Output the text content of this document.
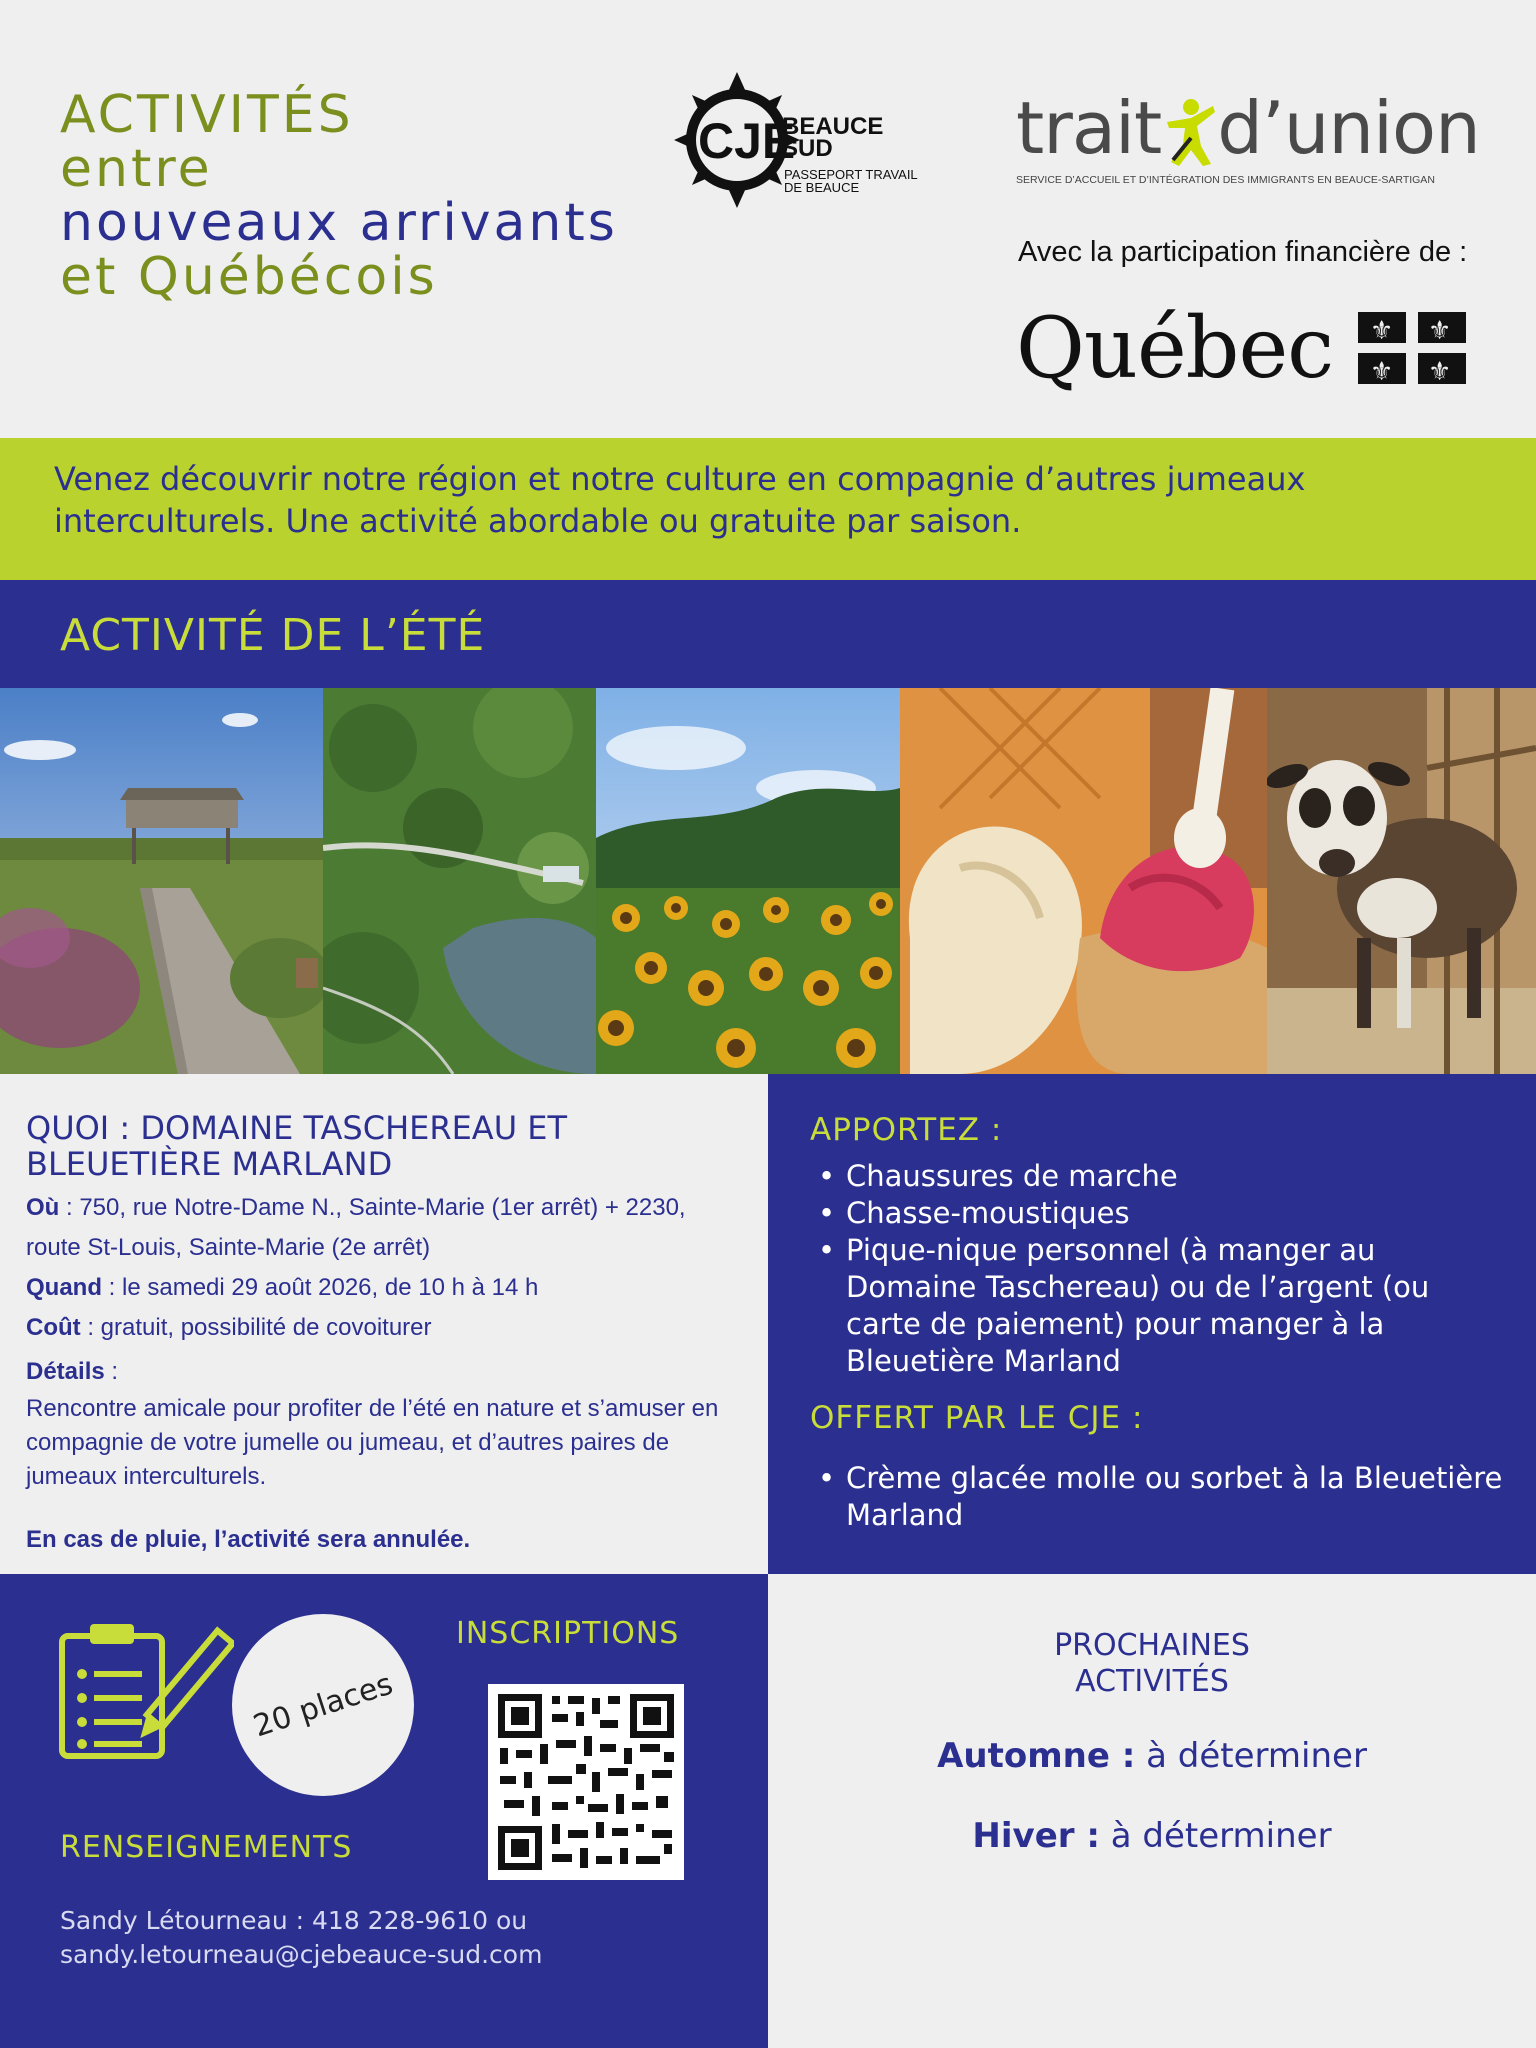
ACTIVITÉS
entre
nouveaux arrivants
et Québécois
CJE
BEAUCE
SUD
PASSEPORT TRAVAIL
DE BEAUCE
trait d’union
SERVICE D’ACCUEIL ET D’INTÉGRATION DES IMMIGRANTS EN BEAUCE-SARTIGAN
Avec la participation financière de :
Québec ⚜ ⚜
⚜ ⚜

Venez découvrir notre région et notre culture en compagnie d’autres jumeaux interculturels. Une activité abordable ou gratuite par saison.

ACTIVITÉ DE L’ÉTÉ
QUOI : DOMAINE TASCHEREAU ET BLEUETIÈRE MARLAND
Où : 750, rue Notre-Dame N., Sainte-Marie (1er arrêt) + 2230, route St-Louis, Sainte-Marie (2e arrêt)
Quand : le samedi 29 août 2026, de 10 h à 14 h
Coût : gratuit, possibilité de covoiturer
Détails :
Rencontre amicale pour profiter de l’été en nature et s’amuser en compagnie de votre jumelle ou jumeau, et d’autres paires de jumeaux interculturels.
En cas de pluie, l’activité sera annulée.
APPORTEZ :
• Chaussures de marche
• Chasse-moustiques
• Pique-nique personnel (à manger au Domaine Taschereau) ou de l’argent (ou carte de paiement) pour manger à la Bleuetière Marland
OFFERT PAR LE CJE :
• Crème glacée molle ou sorbet à la Bleuetière Marland
20 places
INSCRIPTIONS
RENSEIGNEMENTS
Sandy Létourneau : 418 228-9610 ou
sandy.letourneau@cjebeauce-sud.com
PROCHAINES
ACTIVITÉS
Automne : à déterminer
Hiver : à déterminer
